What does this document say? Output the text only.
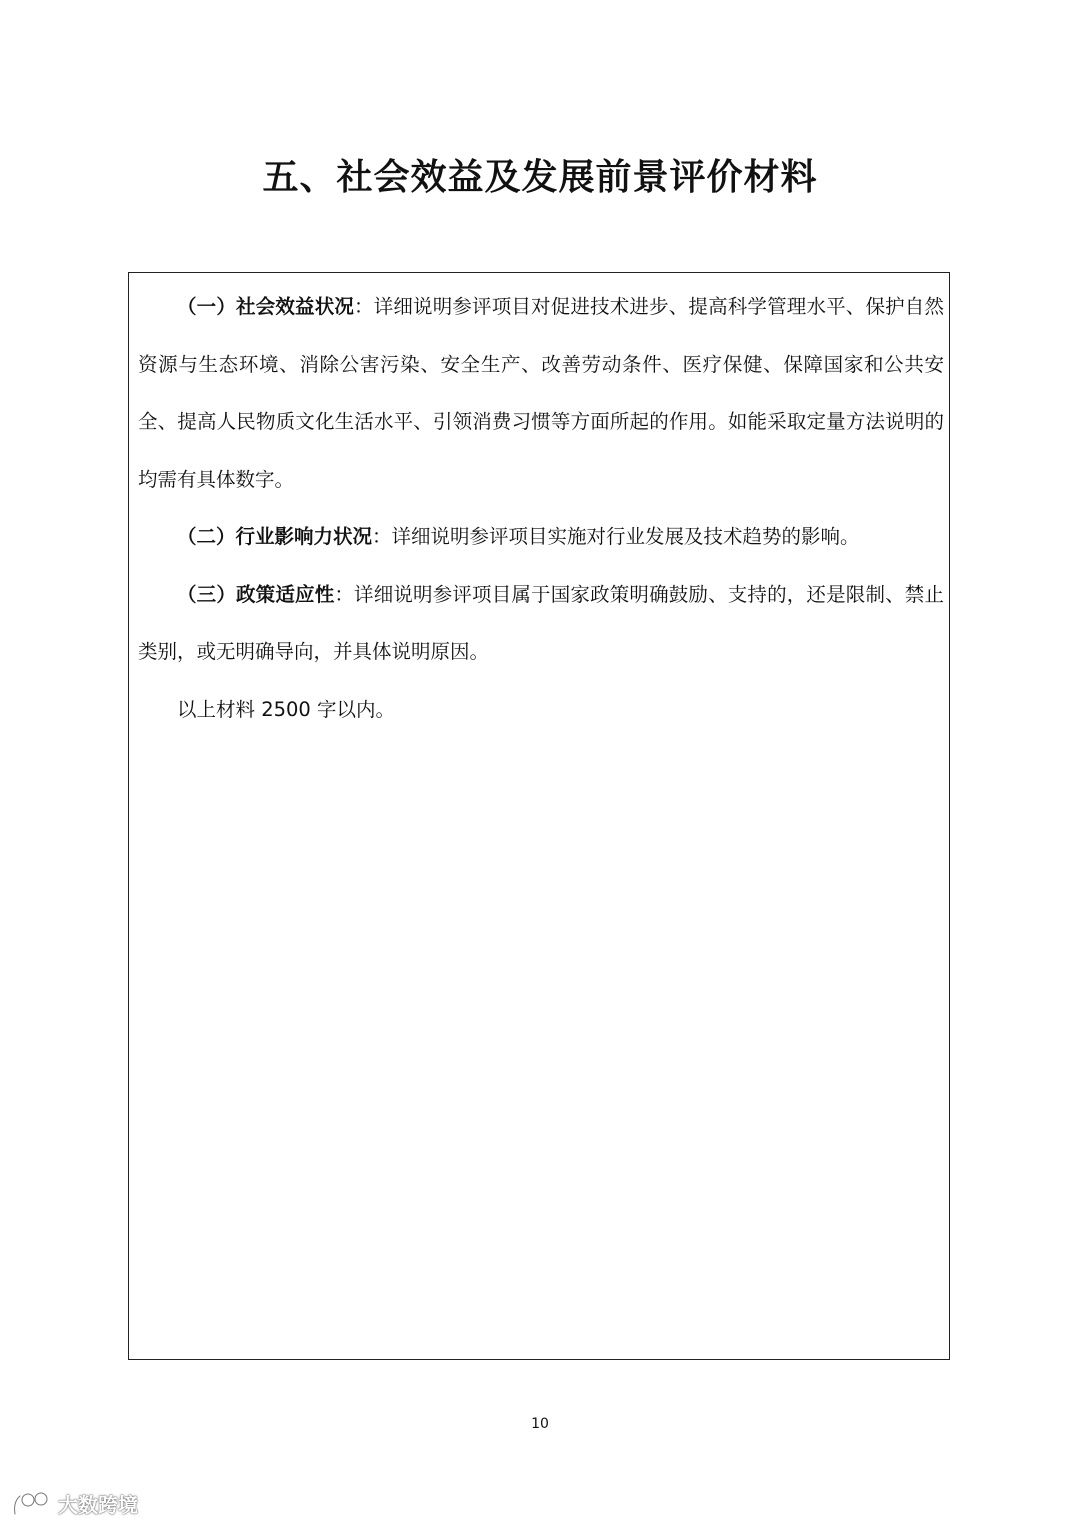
五、社会效益及发展前景评价材料

（一）社会效益状况：详细说明参评项目对促进技术进步、提高科学管理水平、保护自然资源与生态环境、消除公害污染、安全生产、改善劳动条件、医疗保健、保障国家和公共安全、提高人民物质文化生活水平、引领消费习惯等方面所起的作用。如能采取定量方法说明的均需有具体数字。

（二）行业影响力状况：详细说明参评项目实施对行业发展及技术趋势的影响。

（三）政策适应性：详细说明参评项目属于国家政策明确鼓励、支持的，还是限制、禁止类别，或无明确导向，并具体说明原因。

以上材料 2500 字以内。

10
大数跨境
